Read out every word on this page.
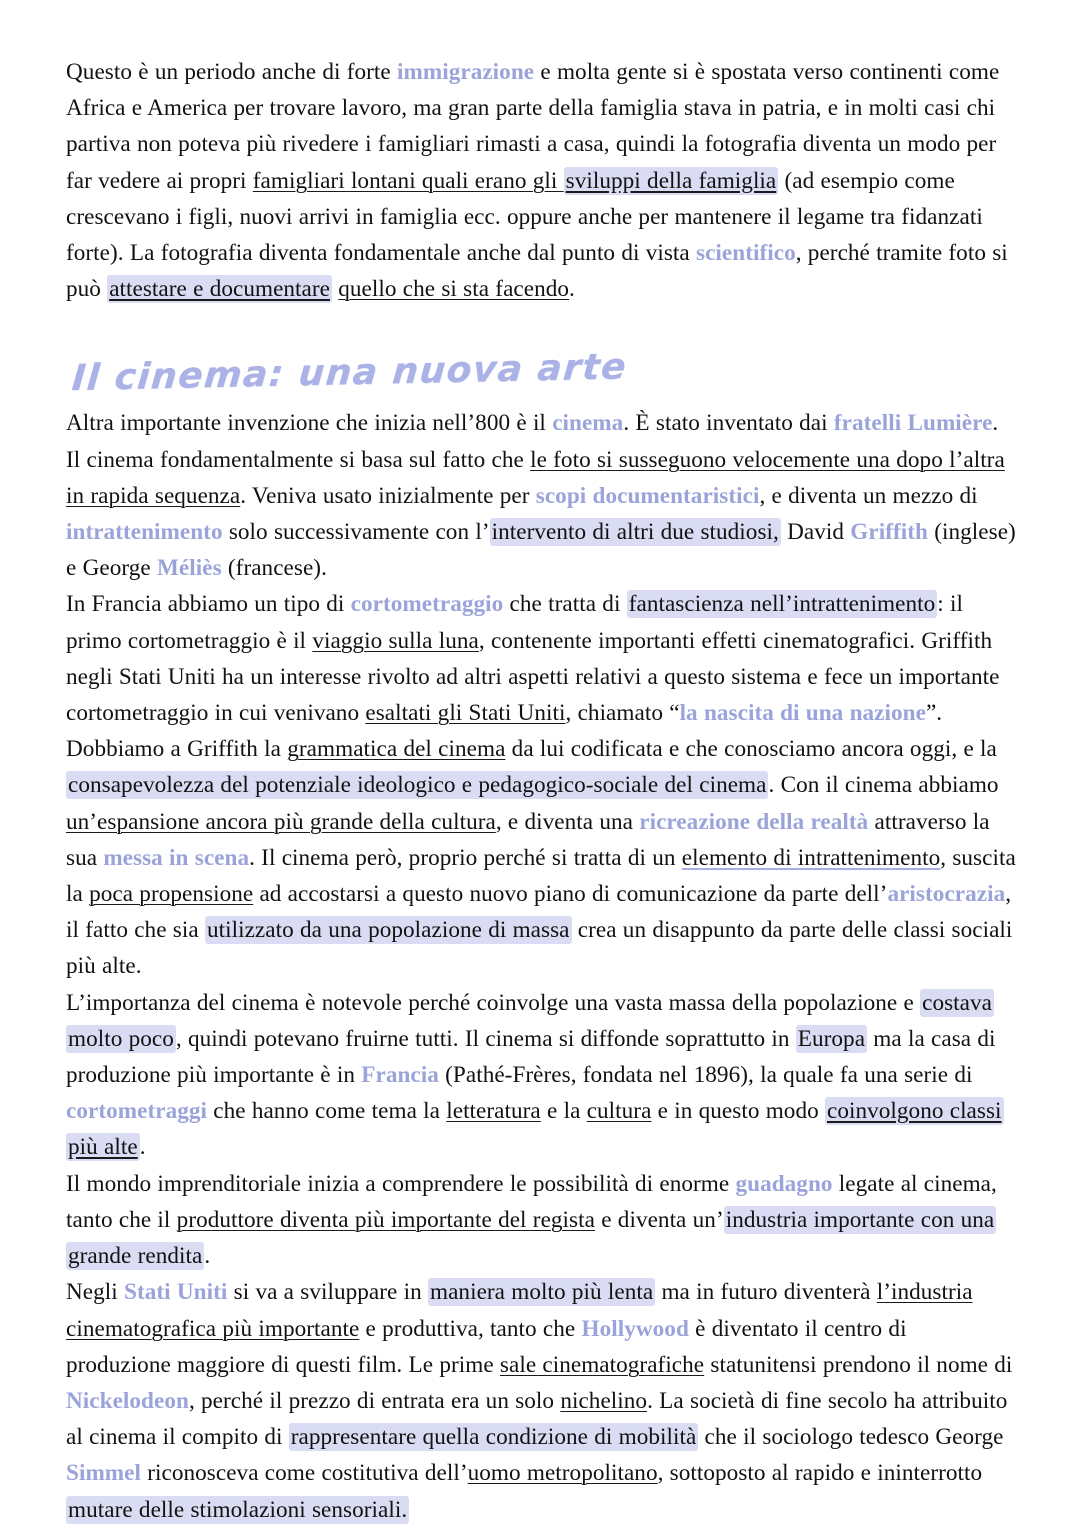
Questo è un periodo anche di forte immigrazione e molta gente si è spostata verso continenti come Africa e America per trovare lavoro, ma gran parte della famiglia stava in patria, e in molti casi chi partiva non poteva più rivedere i famigliari rimasti a casa, quindi la fotografia diventa un modo per far vedere ai propri famigliari lontani quali erano gli sviluppi della famiglia (ad esempio come crescevano i figli, nuovi arrivi in famiglia ecc. oppure anche per mantenere il legame tra fidanzati forte). La fotografia diventa fondamentale anche dal punto di vista scientifico, perché tramite foto si può attestare e documentare quello che si sta facendo.

Il cinema: una nuova arte

Altra importante invenzione che inizia nell’800 è il cinema. È stato inventato dai fratelli Lumière. Il cinema fondamentalmente si basa sul fatto che le foto si susseguono velocemente una dopo l’altra in rapida sequenza. Veniva usato inizialmente per scopi documentaristici, e diventa un mezzo di intrattenimento solo successivamente con l’intervento di altri due studiosi, David Griffith (inglese) e George Méliès (francese).

In Francia abbiamo un tipo di cortometraggio che tratta di fantascienza nell’intrattenimento: il primo cortometraggio è il viaggio sulla luna, contenente importanti effetti cinematografici. Griffith negli Stati Uniti ha un interesse rivolto ad altri aspetti relativi a questo sistema e fece un importante cortometraggio in cui venivano esaltati gli Stati Uniti, chiamato “la nascita di una nazione”. Dobbiamo a Griffith la grammatica del cinema da lui codificata e che conosciamo ancora oggi, e la consapevolezza del potenziale ideologico e pedagogico-sociale del cinema. Con il cinema abbiamo un’espansione ancora più grande della cultura, e diventa una ricreazione della realtà attraverso la sua messa in scena. Il cinema però, proprio perché si tratta di un elemento di intrattenimento, suscita la poca propensione ad accostarsi a questo nuovo piano di comunicazione da parte dell’aristocrazia, il fatto che sia utilizzato da una popolazione di massa crea un disappunto da parte delle classi sociali più alte.

L’importanza del cinema è notevole perché coinvolge una vasta massa della popolazione e costava molto poco, quindi potevano fruirne tutti. Il cinema si diffonde soprattutto in Europa ma la casa di produzione più importante è in Francia (Pathé-Frères, fondata nel 1896), la quale fa una serie di cortometraggi che hanno come tema la letteratura e la cultura e in questo modo coinvolgono classi più alte.

Il mondo imprenditoriale inizia a comprendere le possibilità di enorme guadagno legate al cinema, tanto che il produttore diventa più importante del regista e diventa un’industria importante con una grande rendita.

Negli Stati Uniti si va a sviluppare in maniera molto più lenta ma in futuro diventerà l’industria cinematografica più importante e produttiva, tanto che Hollywood è diventato il centro di produzione maggiore di questi film. Le prime sale cinematografiche statunitensi prendono il nome di Nickelodeon, perché il prezzo di entrata era un solo nichelino. La società di fine secolo ha attribuito al cinema il compito di rappresentare quella condizione di mobilità che il sociologo tedesco George Simmel riconosceva come costitutiva dell’uomo metropolitano, sottoposto al rapido e ininterrotto mutare delle stimolazioni sensoriali.
